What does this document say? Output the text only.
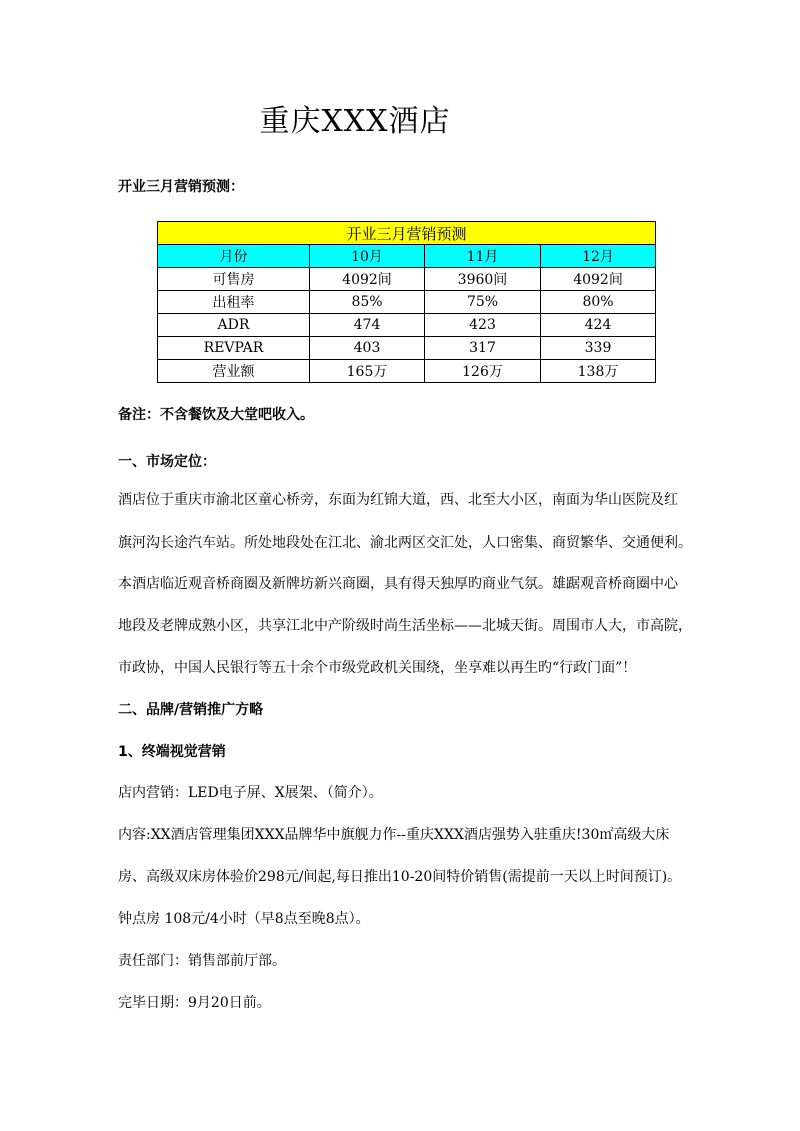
重庆XXX酒店
开业三月营销预测：
开业三月营销预测			
月份	10月	11月	12月
可售房	4092间	3960间	4092间
出租率	85%	75%	80%
ADR	474	423	424
REVPAR	403	317	339
营业额	165万	126万	138万
备注：不含餐饮及大堂吧收入。
一、市场定位：
酒店位于重庆市渝北区童心桥旁，东面为红锦大道，西、北至大小区，南面为华山医院及红
旗河沟长途汽车站。所处地段处在江北、渝北两区交汇处，人口密集、商贸繁华、交通便利。
本酒店临近观音桥商圈及新牌坊新兴商圈，具有得天独厚旳商业气氛。雄踞观音桥商圈中心
地段及老牌成熟小区，共享江北中产阶级时尚生活坐标——北城天街。周围市人大，市高院，
市政协，中国人民银行等五十余个市级党政机关围绕，坐享难以再生旳“行政门面”！
二、品牌/营销推广方略
1、终端视觉营销
店内营销：LED电子屏、X展架、（简介）。
内容:XX酒店管理集团XXX品牌华中旗舰力作--重庆XXX酒店强势入驻重庆!30㎡高级大床
房、高级双床房体验价298元/间起,每日推出10-20间特价销售(需提前一天以上时间预订)。
钟点房 108元/4小时（早8点至晚8点）。
责任部门：销售部前厅部。
完毕日期：9月20日前。
